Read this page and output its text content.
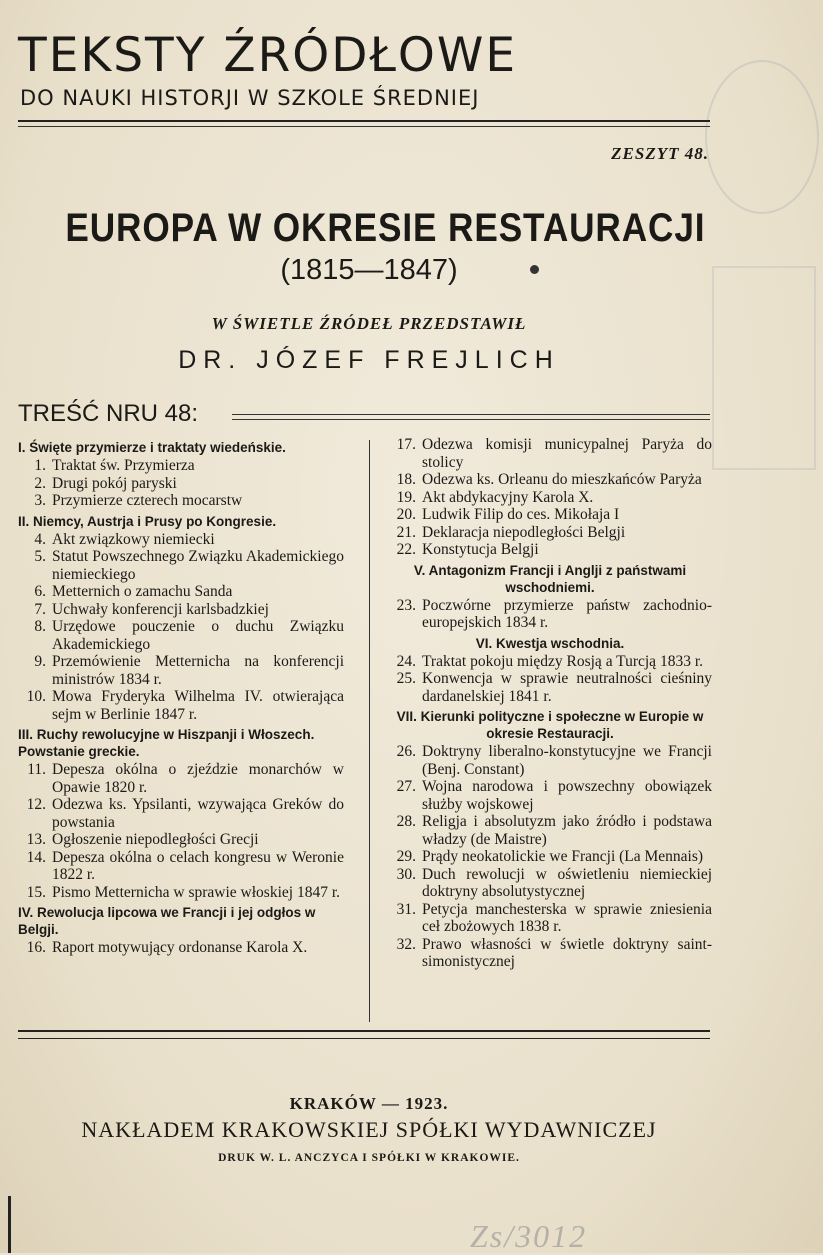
TEKSTY ŹRÓDŁOWE
DO NAUKI HISTORJI W SZKOLE ŚREDNIEJ
ZESZYT 48.
EUROPA W OKRESIE RESTAURACJI
(1815—1847)
W ŚWIETLE ŹRÓDEŁ PRZEDSTAWIŁ
DR. JÓZEF FREJLICH
TREŚĆ NRU 48:
I. Święte przymierze i traktaty wiedeńskie.
1. Traktat św. Przymierza
2. Drugi pokój paryski
3. Przymierze czterech mocarstw
II. Niemcy, Austrja i Prusy po Kongresie.
4. Akt związkowy niemiecki
5. Statut Powszechnego Związku Akademickiego niemieckiego
6. Metternich o zamachu Sanda
7. Uchwały konferencji karlsbadzkiej
8. Urzędowe pouczenie o duchu Związku Akademickiego
9. Przemówienie Metternicha na konferencji ministrów 1834 r.
10. Mowa Fryderyka Wilhelma IV. otwierająca sejm w Berlinie 1847 r.
III. Ruchy rewolucyjne w Hiszpanji i Włoszech. Powstanie greckie.
11. Depesza okólna o zjeździe monarchów w Opawie 1820 r.
12. Odezwa ks. Ypsilanti, wzywająca Greków do powstania
13. Ogłoszenie niepodległości Grecji
14. Depesza okólna o celach kongresu w Weronie 1822 r.
15. Pismo Metternicha w sprawie włoskiej 1847 r.
IV. Rewolucja lipcowa we Francji i jej odgłos w Belgji.
16. Raport motywujący ordonanse Karola X.
17. Odezwa komisji municypalnej Paryża do stolicy
18. Odezwa ks. Orleanu do mieszkańców Paryża
19. Akt abdykacyjny Karola X.
20. Ludwik Filip do ces. Mikołaja I
21. Deklaracja niepodległości Belgji
22. Konstytucja Belgji
V. Antagonizm Francji i Anglji z państwami wschodniemi.
23. Poczwórne przymierze państw zachodnio-europejskich 1834 r.
VI. Kwestja wschodnia.
24. Traktat pokoju między Rosją a Turcją 1833 r.
25. Konwencja w sprawie neutralności cieśniny dardanelskiej 1841 r.
VII. Kierunki polityczne i społeczne w Europie w okresie Restauracji.
26. Doktryny liberalno-konstytucyjne we Francji (Benj. Constant)
27. Wojna narodowa i powszechny obowiązek służby wojskowej
28. Religja i absolutyzm jako źródło i podstawa władzy (de Maistre)
29. Prądy neokatolickie we Francji (La Mennais)
30. Duch rewolucji w oświetleniu niemieckiej doktryny absolutystycznej
31. Petycja manchesterska w sprawie zniesienia ceł zbożowych 1838 r.
32. Prawo własności w świetle doktryny saint-simonistycznej
KRAKÓW — 1923.
NAKŁADEM KRAKOWSKIEJ SPÓŁKI WYDAWNICZEJ
DRUK W. L. ANCZYCA I SPÓŁKI W KRAKOWIE.
Zs/3012
